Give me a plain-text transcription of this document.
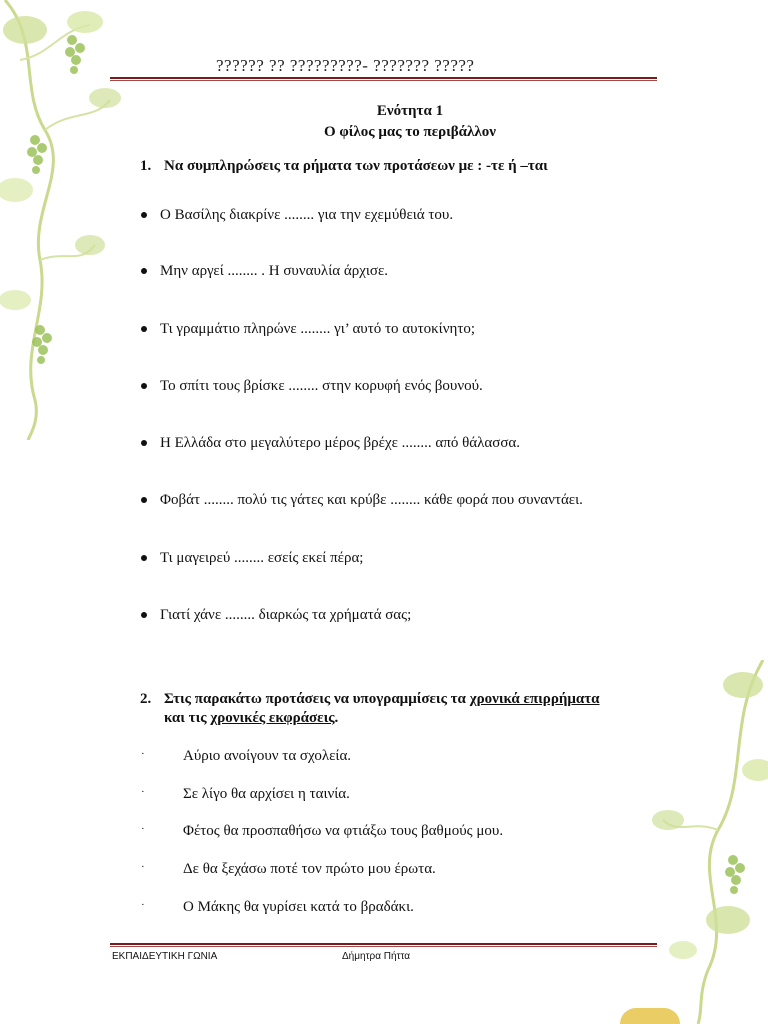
?????? ?? ?????????- ??????? ?????
Ενότητα 1
Ο φίλος μας το περιβάλλον
1. Να συμπληρώσεις τα ρήματα των προτάσεων με : -τε ή –ται
Ο Βασίλης διακρίνε ........ για την εχεμύθειά του.
Μην αργεί ........ . Η συναυλία άρχισε.
Τι γραμμάτιο πληρώνε ........ γι’ αυτό το αυτοκίνητο;
Το σπίτι τους βρίσκε ........ στην κορυφή ενός βουνού.
Η Ελλάδα στο μεγαλύτερο μέρος βρέχε ........ από θάλασσα.
Φοβάτ ........ πολύ τις γάτες και κρύβε ........ κάθε φορά που συναντάει.
Τι μαγειρεύ ........ εσείς εκεί πέρα;
Γιατί χάνε ........ διαρκώς τα χρήματά σας;
2. Στις παρακάτω προτάσεις να υπογραμμίσεις τα χρονικά επιρρήματα
και τις χρονικές εκφράσεις.
·	Αύριο ανοίγουν τα σχολεία.
·	Σε λίγο θα αρχίσει η ταινία.
·	Φέτος θα προσπαθήσω να φτιάξω τους βαθμούς μου.
·	Δε θα ξεχάσω ποτέ τον πρώτο μου έρωτα.
·	Ο Μάκης θα γυρίσει κατά το βραδάκι.
ΕΚΠΑΙΔΕΥΤΙΚΗ ΓΩΝΙΑ	Δήμητρα Πήττα
